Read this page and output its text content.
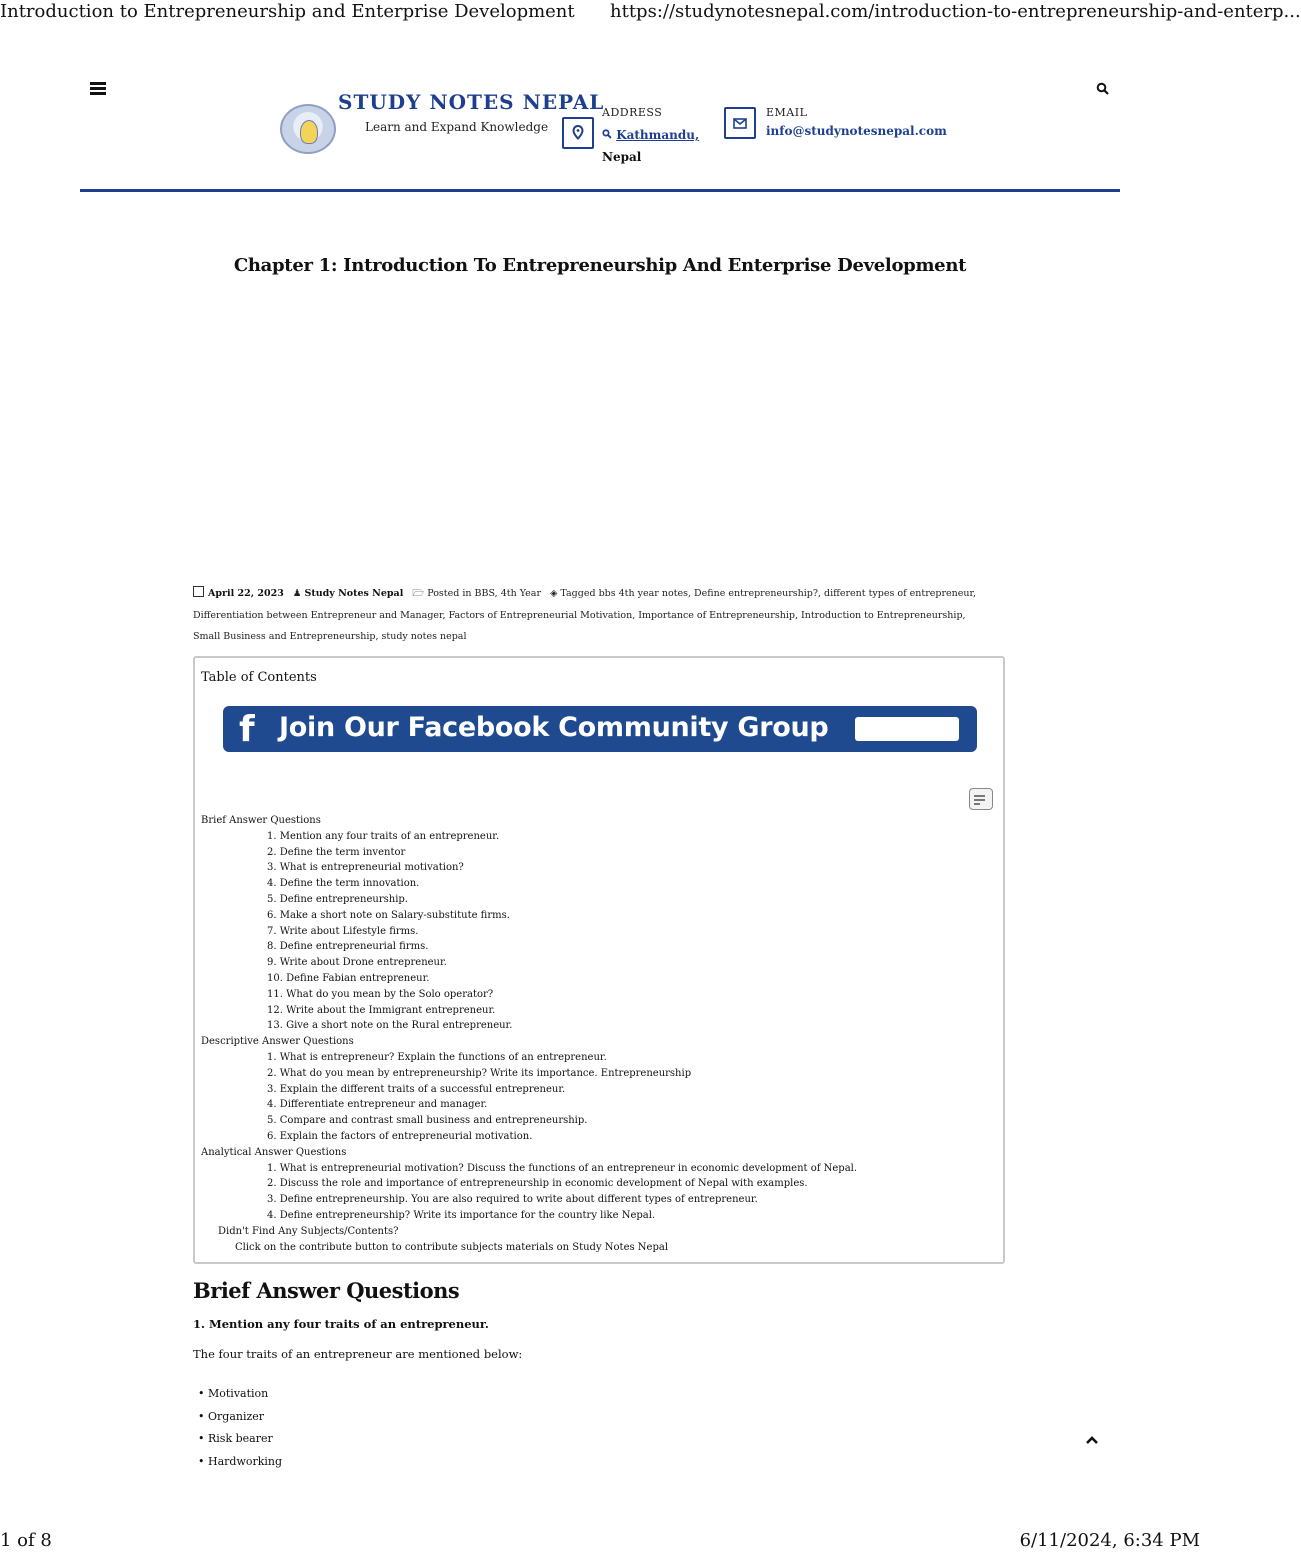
Introduction to Entrepreneurship and Enterprise Development https://studynotesnepal.com/introduction-to-entrepreneurship-and-enterp...
STUDY NOTES NEPAL
Learn and Expand Knowledge
ADDRESS
Kathmandu,
Nepal
EMAIL
info@studynotesnepal.com
Chapter 1: Introduction To Entrepreneurship And Enterprise Development
April 22, 2023 ♟ Study Notes Nepal 🗁 Posted in BBS, 4th Year ◈ Tagged bbs 4th year notes, Define entrepreneurship?, different types of entrepreneur, Differentiation between Entrepreneur and Manager, Factors of Entrepreneurial Motivation, Importance of Entrepreneurship, Introduction to Entrepreneurship, Small Business and Entrepreneurship, study notes nepal
Table of Contents
f Join Our Facebook Community Group
Brief Answer Questions
1. Mention any four traits of an entrepreneur.
2. Define the term inventor
3. What is entrepreneurial motivation?
4. Define the term innovation.
5. Define entrepreneurship.
6. Make a short note on Salary-substitute firms.
7. Write about Lifestyle firms.
8. Define entrepreneurial firms.
9. Write about Drone entrepreneur.
10. Define Fabian entrepreneur.
11. What do you mean by the Solo operator?
12. Write about the Immigrant entrepreneur.
13. Give a short note on the Rural entrepreneur.
Descriptive Answer Questions
1. What is entrepreneur? Explain the functions of an entrepreneur.
2. What do you mean by entrepreneurship? Write its importance. Entrepreneurship
3. Explain the different traits of a successful entrepreneur.
4. Differentiate entrepreneur and manager.
5. Compare and contrast small business and entrepreneurship.
6. Explain the factors of entrepreneurial motivation.
Analytical Answer Questions
1. What is entrepreneurial motivation? Discuss the functions of an entrepreneur in economic development of Nepal.
2. Discuss the role and importance of entrepreneurship in economic development of Nepal with examples.
3. Define entrepreneurship. You are also required to write about different types of entrepreneur.
4. Define entrepreneurship? Write its importance for the country like Nepal.
Didn't Find Any Subjects/Contents?
Click on the contribute button to contribute subjects materials on Study Notes Nepal
Brief Answer Questions
1. Mention any four traits of an entrepreneur.
The four traits of an entrepreneur are mentioned below:
• Motivation
• Organizer
• Risk bearer
• Hardworking
1 of 8	6/11/2024, 6:34 PM
